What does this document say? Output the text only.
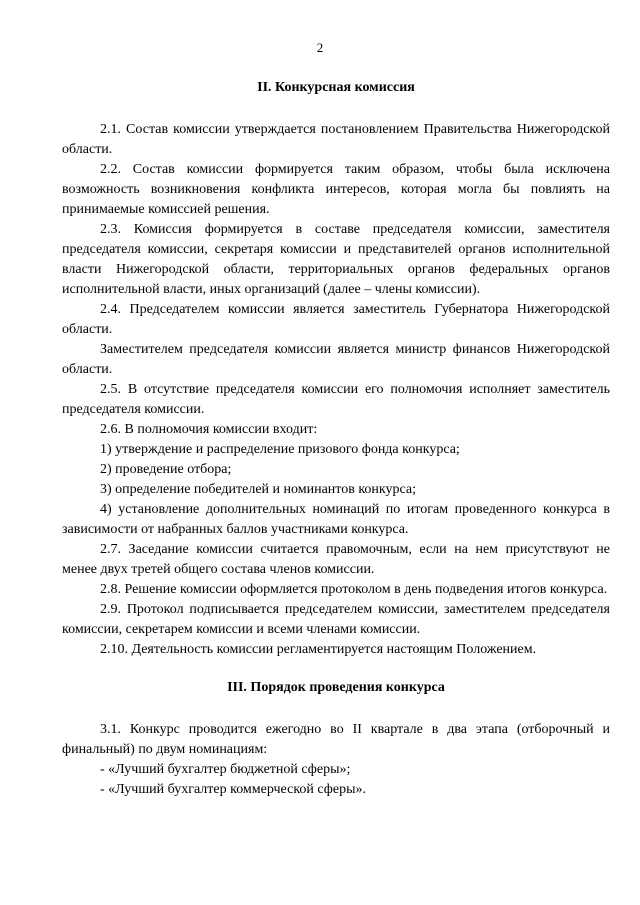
2
II. Конкурсная комиссия

2.1. Состав комиссии утверждается постановлением Правительства Нижегородской области.

2.2. Состав комиссии формируется таким образом, чтобы была исключена возможность возникновения конфликта интересов, которая могла бы повлиять на принимаемые комиссией решения.

2.3. Комиссия формируется в составе председателя комиссии, заместителя председателя комиссии, секретаря комиссии и представителей органов исполнительной власти Нижегородской области, территориальных органов федеральных органов исполнительной власти, иных организаций (далее – члены комиссии).

2.4. Председателем комиссии является заместитель Губернатора Нижегородской области.

Заместителем председателя комиссии является министр финансов Нижегородской области.

2.5. В отсутствие председателя комиссии его полномочия исполняет заместитель председателя комиссии.

2.6. В полномочия комиссии входит:

1) утверждение и распределение призового фонда конкурса;

2) проведение отбора;

3) определение победителей и номинантов конкурса;

4) установление дополнительных номинаций по итогам проведенного конкурса в зависимости от набранных баллов участниками конкурса.

2.7. Заседание комиссии считается правомочным, если на нем присутствуют не менее двух третей общего состава членов комиссии.

2.8. Решение комиссии оформляется протоколом в день подведения итогов конкурса.

2.9. Протокол подписывается председателем комиссии, заместителем председателя комиссии, секретарем комиссии и всеми членами комиссии.

2.10. Деятельность комиссии регламентируется настоящим Положением.

III. Порядок проведения конкурса

3.1. Конкурс проводится ежегодно во II квартале в два этапа (отборочный и финальный) по двум номинациям:

- «Лучший бухгалтер бюджетной сферы»;

- «Лучший бухгалтер коммерческой сферы».
